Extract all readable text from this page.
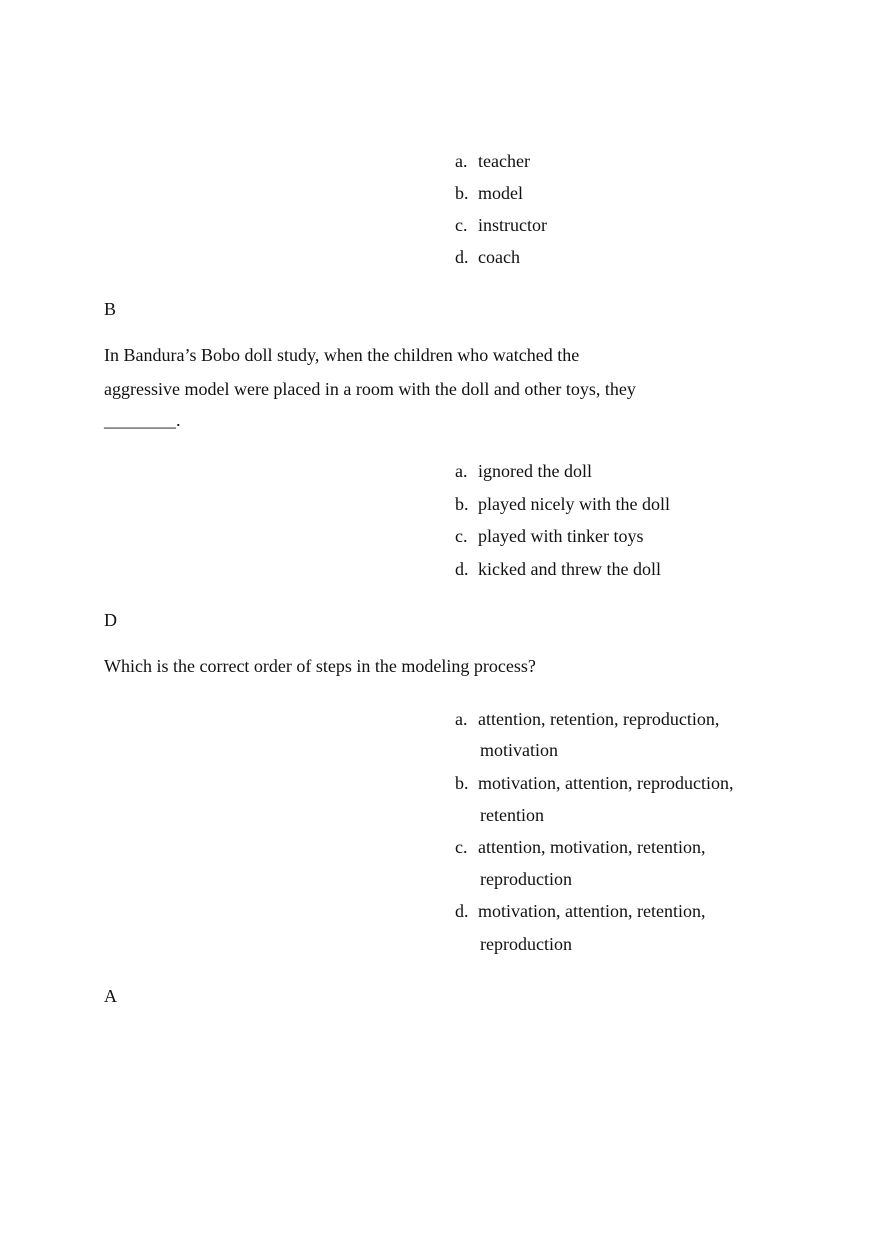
a. teacher
b. model
c. instructor
d. coach
B
In Bandura’s Bobo doll study, when the children who watched the
aggressive model were placed in a room with the doll and other toys, they
________.
a. ignored the doll
b. played nicely with the doll
c. played with tinker toys
d. kicked and threw the doll
D
Which is the correct order of steps in the modeling process?
a. attention, retention, reproduction,
motivation
b. motivation, attention, reproduction,
retention
c. attention, motivation, retention,
reproduction
d. motivation, attention, retention,
reproduction
A
